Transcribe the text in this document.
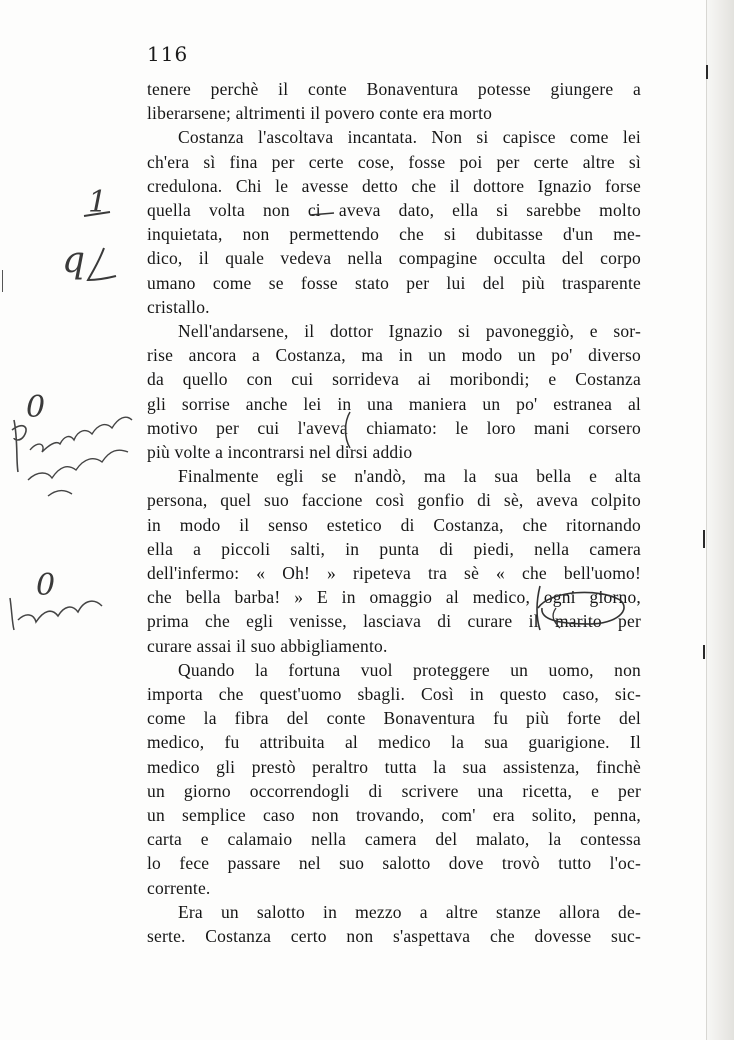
116
tenere perchè il conte Bonaventura potesse giungere a
liberarsene; altrimenti il povero conte era morto
Costanza l'ascoltava incantata. Non si capisce come lei
ch'era sì fina per certe cose, fosse poi per certe altre sì
credulona. Chi le avesse detto che il dottore Ignazio forse
quella volta non ci aveva dato, ella si sarebbe molto
inquietata, non permettendo che si dubitasse d'un me-
dico, il quale vedeva nella compagine occulta del corpo
umano come se fosse stato per lui del più trasparente
cristallo.
Nell'andarsene, il dottor Ignazio si pavoneggiò, e sor-
rise ancora a Costanza, ma in un modo un po' diverso
da quello con cui sorrideva ai moribondi; e Costanza
gli sorrise anche lei in una maniera un po' estranea al
motivo per cui l'aveva chiamato: le loro mani corsero
più volte a incontrarsi nel dirsi addio
Finalmente egli se n'andò, ma la sua bella e alta
persona, quel suo faccione così gonfio di sè, aveva colpito
in modo il senso estetico di Costanza, che ritornando
ella a piccoli salti, in punta di piedi, nella camera
dell'infermo: « Oh! » ripeteva tra sè « che bell'uomo!
che bella barba! » E in omaggio al medico, ogni giorno,
prima che egli venisse, lasciava di curare il marito per
curare assai il suo abbigliamento.
Quando la fortuna vuol proteggere un uomo, non
importa che quest'uomo sbagli. Così in questo caso, sic-
come la fibra del conte Bonaventura fu più forte del
medico, fu attribuita al medico la sua guarigione. Il
medico gli prestò peraltro tutta la sua assistenza, finchè
un giorno occorrendogli di scrivere una ricetta, e per
un semplice caso non trovando, com' era solito, penna,
carta e calamaio nella camera del malato, la contessa
lo fece passare nel suo salotto dove trovò tutto l'oc-
corrente.
Era un salotto in mezzo a altre stanze allora de-
serte. Costanza certo non s'aspettava che dovesse suc-
1
q
0
0
